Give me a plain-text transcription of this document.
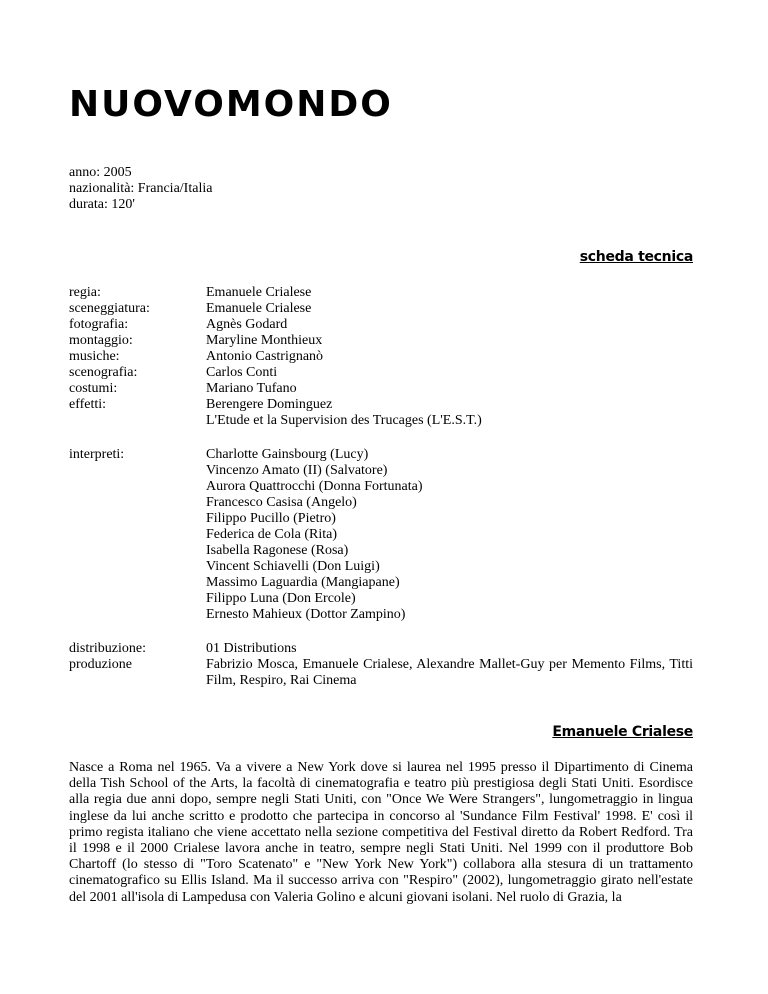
NUOVOMONDO
anno: 2005
nazionalità: Francia/Italia
durata: 120'
scheda tecnica
regia:
sceneggiatura:
fotografia:
montaggio:
musiche:
scenografia:
costumi:
effetti:
Emanuele Crialese
Emanuele Crialese
Agnès Godard
Maryline Monthieux
Antonio Castrignanò
Carlos Conti
Mariano Tufano
Berengere Dominguez
L'Etude et la Supervision des Trucages (L'E.S.T.)
interpreti:	Charlotte Gainsbourg (Lucy)
Vincenzo Amato (II) (Salvatore)
Aurora Quattrocchi (Donna Fortunata)
Francesco Casisa (Angelo)
Filippo Pucillo (Pietro)
Federica de Cola (Rita)
Isabella Ragonese (Rosa)
Vincent Schiavelli (Don Luigi)
Massimo Laguardia (Mangiapane)
Filippo Luna (Don Ercole)
Ernesto Mahieux (Dottor Zampino)
distribuzione:
produzione
01 Distributions

Fabrizio Mosca, Emanuele Crialese, Alexandre Mallet-Guy per Memento Films, Titti Film, Respiro, Rai Cinema

Emanuele Crialese

Nasce a Roma nel 1965. Va a vivere a New York dove si laurea nel 1995 presso il Dipartimento di Cinema della Tish School of the Arts, la facoltà di cinematografia e teatro più prestigiosa degli Stati Uniti. Esordisce alla regia due anni dopo, sempre negli Stati Uniti, con "Once We Were Strangers", lungometraggio in lingua inglese da lui anche scritto e prodotto che partecipa in concorso al 'Sundance Film Festival' 1998. E' così il primo regista italiano che viene accettato nella sezione competitiva del Festival diretto da Robert Redford. Tra il 1998 e il 2000 Crialese lavora anche in teatro, sempre negli Stati Uniti. Nel 1999 con il produttore Bob Chartoff (lo stesso di "Toro Scatenato" e "New York New York") collabora alla stesura di un trattamento cinematografico su Ellis Island. Ma il successo arriva con "Respiro" (2002), lungometraggio girato nell'estate del 2001 all'isola di Lampedusa con Valeria Golino e alcuni giovani isolani. Nel ruolo di Grazia, la
